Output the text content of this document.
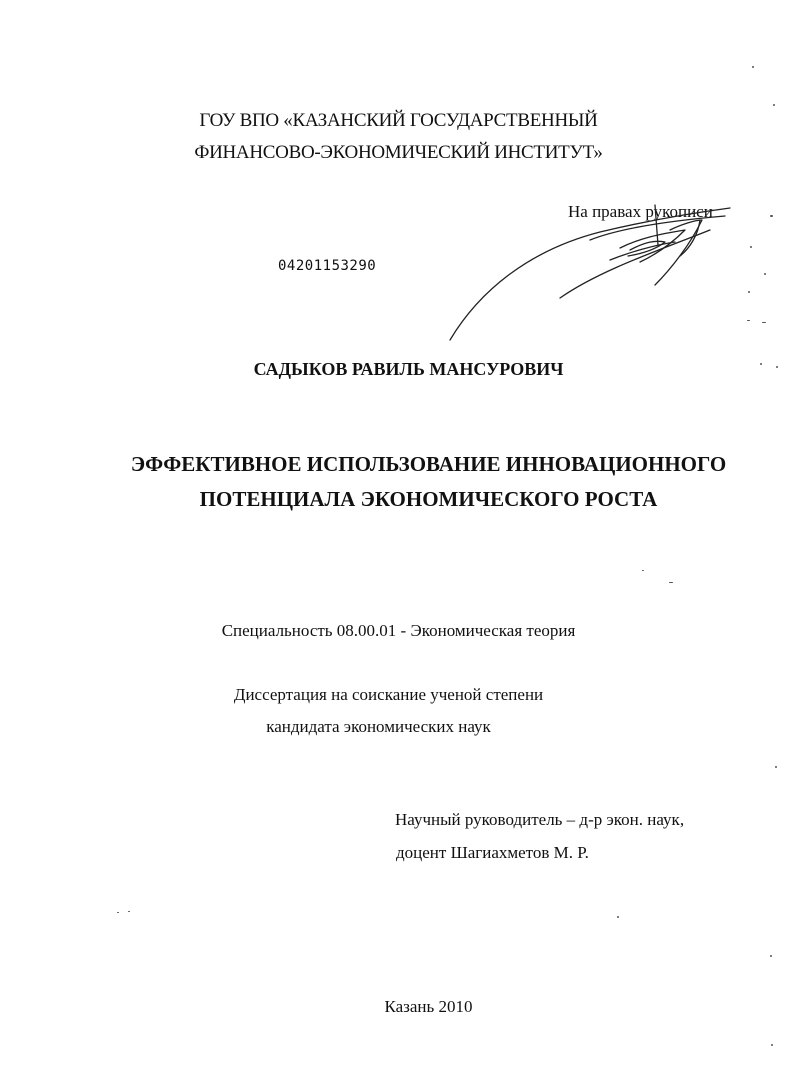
ГОУ ВПО «КАЗАНСКИЙ ГОСУДАРСТВЕННЫЙ
ФИНАНСОВО-ЭКОНОМИЧЕСКИЙ ИНСТИТУТ»
На правах рукописи
04201153290
САДЫКОВ РАВИЛЬ МАНСУРОВИЧ
ЭФФЕКТИВНОЕ ИСПОЛЬЗОВАНИЕ ИННОВАЦИОННОГО
ПОТЕНЦИАЛА ЭКОНОМИЧЕСКОГО РОСТА
Специальность 08.00.01 - Экономическая теория
Диссертация на соискание ученой степени
кандидата экономических наук
Научный руководитель – д-р экон. наук,
доцент Шагиахметов М. Р.
Казань 2010
